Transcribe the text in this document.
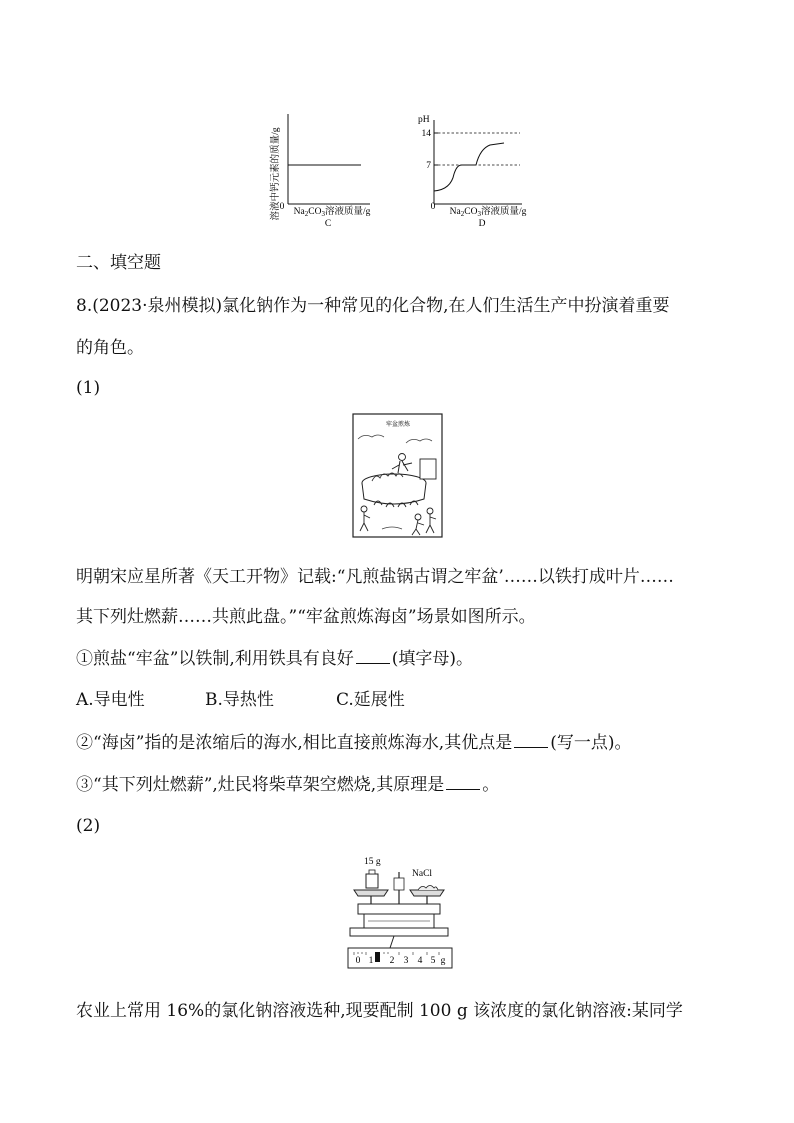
溶液中钙元素的质量/g
0 $Na_2CO_3$溶液质量/g
C
pH
14
7
0 $Na_2CO_3$溶液质量/g
D
二、填空题
8.(2023·泉州模拟)氯化钠作为一种常见的化合物,在人们生活生产中扮演着重要
的角色。
(1)
牢盆煎炼
明朝宋应星所著《天工开物》记载:“凡煎盐锅古谓之牢盆’……以铁打成叶片……
其下列灶燃薪……共煎此盘。”“牢盆煎炼海卤”场景如图所示。
①煎盐“牢盆”以铁制,利用铁具有良好 (填字母)。
A.导电性	B.导热性	C.延展性
②“海卤”指的是浓缩后的海水,相比直接煎炼海水,其优点是 (写一点)。
③“其下列灶燃薪”,灶民将柴草架空燃烧,其原理是 。
(2)
15 g
NaCl
0 1 2 3 4 5 g
农业上常用 16%的氯化钠溶液选种,现要配制 100 g 该浓度的氯化钠溶液:某同学
